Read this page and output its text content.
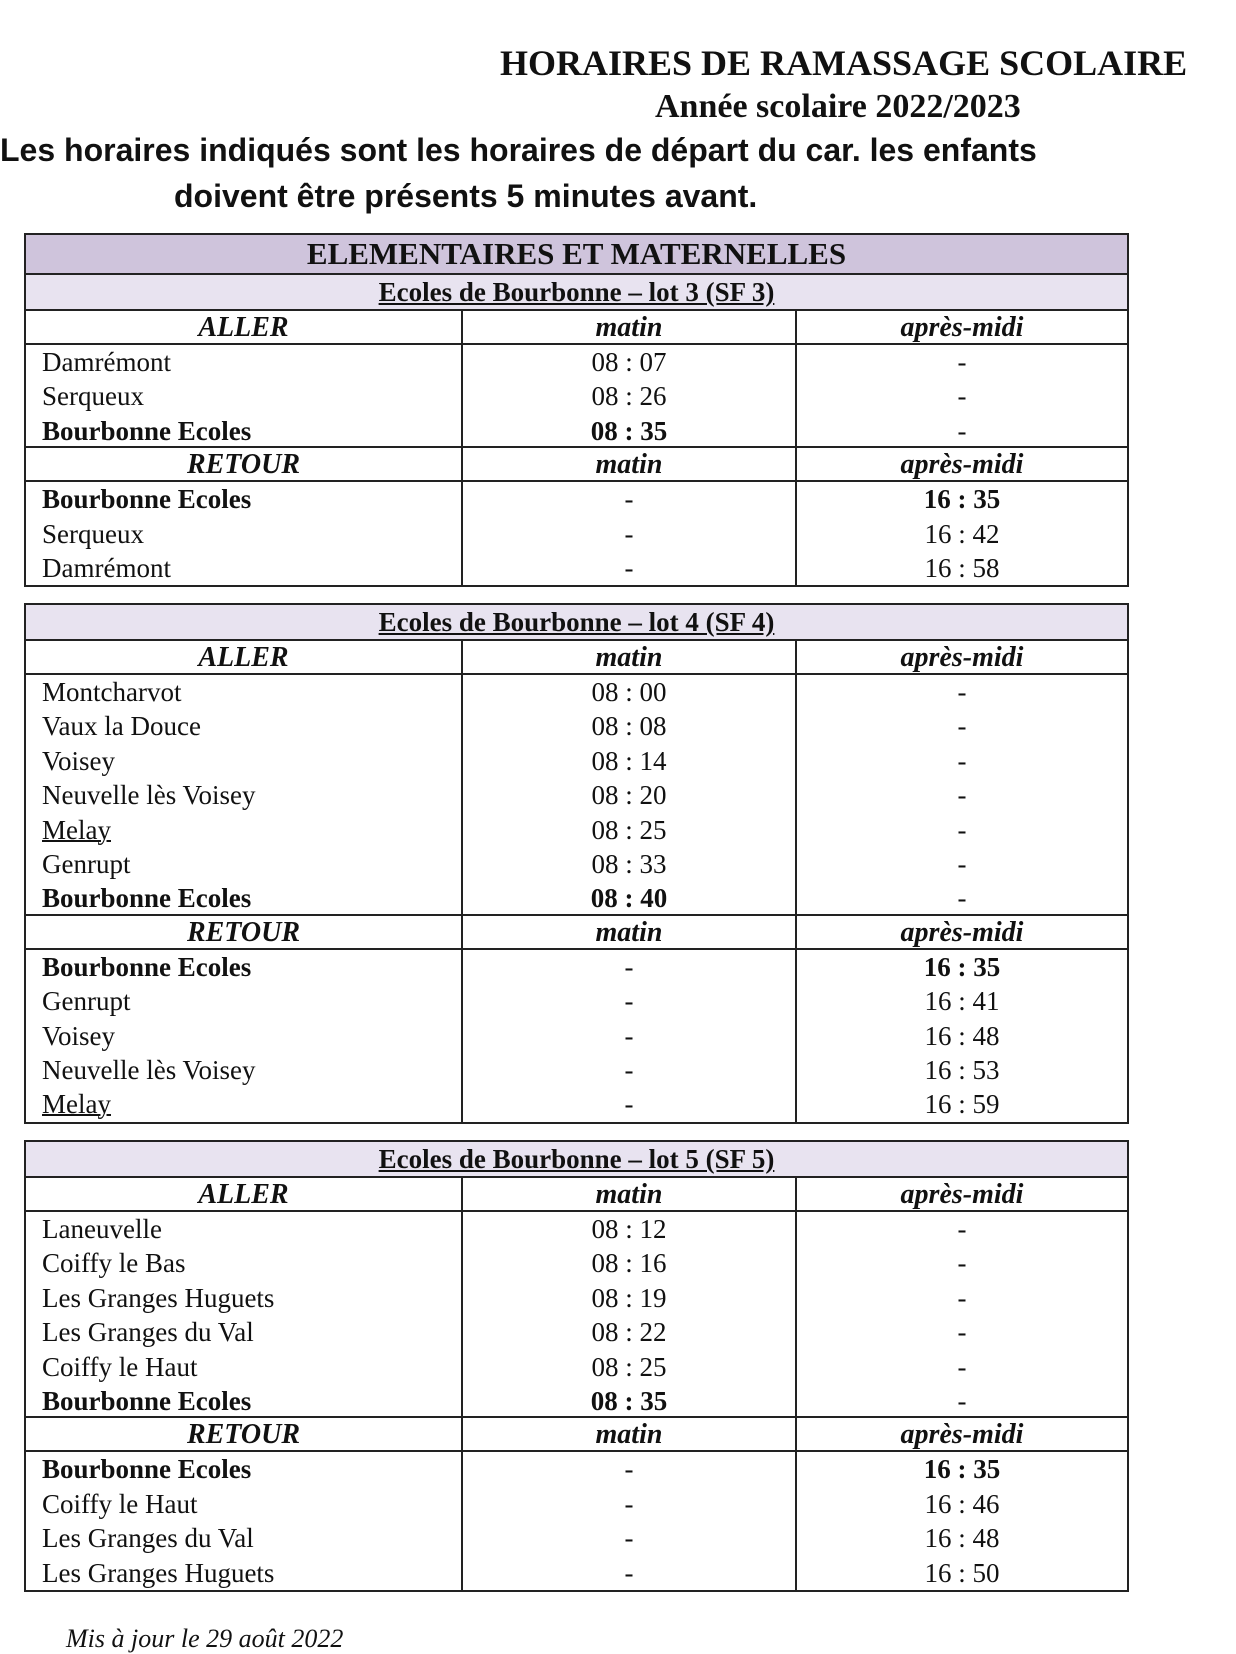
HORAIRES DE RAMASSAGE SCOLAIRE
Année scolaire 2022/2023
Les horaires indiqués sont les horaires de départ du car. les enfants
doivent être présents 5 minutes avant.
ELEMENTAIRES ET MATERNELLES
Ecoles de Bourbonne – lot 3 (SF 3)
ALLER	matin	après-midi
Damrémont	08 : 07	-
Serqueux	08 : 26	-
Bourbonne Ecoles	08 : 35	-
RETOUR	matin	après-midi
Bourbonne Ecoles	-	16 : 35
Serqueux	-	16 : 42
Damrémont	-	16 : 58
Ecoles de Bourbonne – lot 4 (SF 4)
ALLER	matin	après-midi
Montcharvot	08 : 00	-
Vaux la Douce	08 : 08	-
Voisey	08 : 14	-
Neuvelle lès Voisey	08 : 20	-
Melay	08 : 25	-
Genrupt	08 : 33	-
Bourbonne Ecoles	08 : 40	-
RETOUR	matin	après-midi
Bourbonne Ecoles	-	16 : 35
Genrupt	-	16 : 41
Voisey	-	16 : 48
Neuvelle lès Voisey	-	16 : 53
Melay	-	16 : 59
Ecoles de Bourbonne – lot 5 (SF 5)
ALLER	matin	après-midi
Laneuvelle	08 : 12	-
Coiffy le Bas	08 : 16	-
Les Granges Huguets	08 : 19	-
Les Granges du Val	08 : 22	-
Coiffy le Haut	08 : 25	-
Bourbonne Ecoles	08 : 35	-
RETOUR	matin	après-midi
Bourbonne Ecoles	-	16 : 35
Coiffy le Haut	-	16 : 46
Les Granges du Val	-	16 : 48
Les Granges Huguets	-	16 : 50
Mis à jour le 29 août 2022
